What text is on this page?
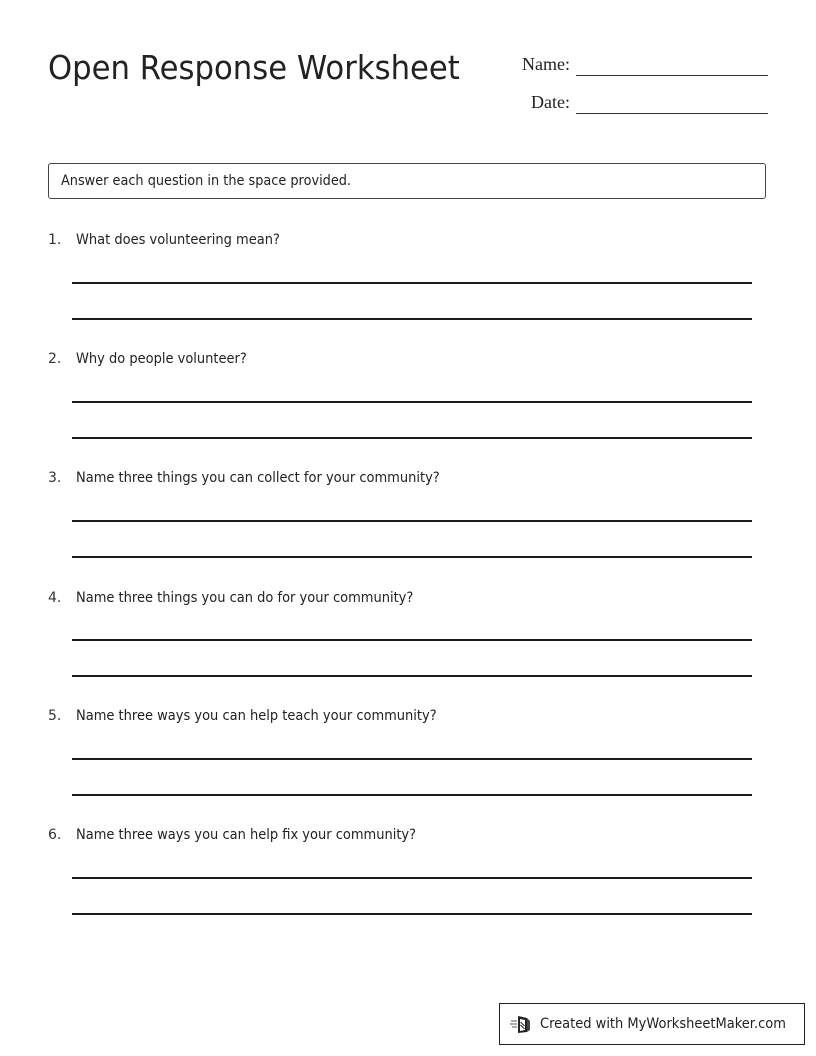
Open Response Worksheet	Name:
Date:
Answer each question in the space provided.
1.	What does volunteering mean?
2.	Why do people volunteer?
3.	Name three things you can collect for your community?
4.	Name three things you can do for your community?
5.	Name three ways you can help teach your community?
6.	Name three ways you can help fix your community?
Created with MyWorksheetMaker.com
